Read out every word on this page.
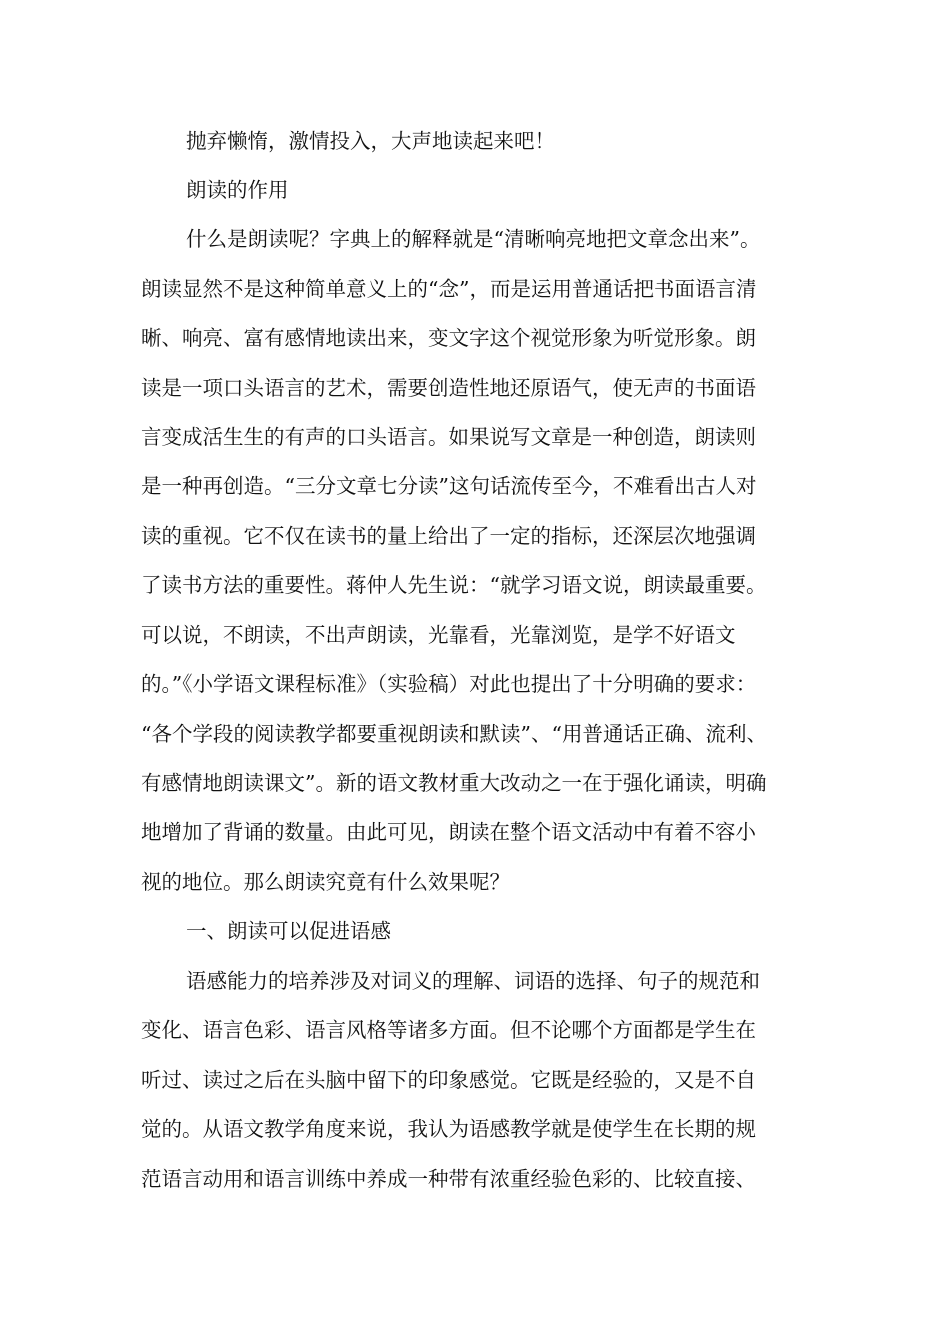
抛弃懒惰，激情投入，大声地读起来吧！
朗读的作用
什么是朗读呢？字典上的解释就是“清晰响亮地把文章念出来”。
朗读显然不是这种简单意义上的“念”，而是运用普通话把书面语言清
晰、响亮、富有感情地读出来，变文字这个视觉形象为听觉形象。朗
读是一项口头语言的艺术，需要创造性地还原语气，使无声的书面语
言变成活生生的有声的口头语言。如果说写文章是一种创造，朗读则
是一种再创造。“三分文章七分读”这句话流传至今，不难看出古人对
读的重视。它不仅在读书的量上给出了一定的指标，还深层次地强调
了读书方法的重要性。蒋仲人先生说：“就学习语文说，朗读最重要。
可以说，不朗读，不出声朗读，光靠看，光靠浏览，是学不好语文
的。”《小学语文课程标准》（实验稿）对此也提出了十分明确的要求：
“各个学段的阅读教学都要重视朗读和默读”、“用普通话正确、流利、
有感情地朗读课文”。新的语文教材重大改动之一在于强化诵读，明确
地增加了背诵的数量。由此可见，朗读在整个语文活动中有着不容小
视的地位。那么朗读究竟有什么效果呢？
一、朗读可以促进语感
语感能力的培养涉及对词义的理解、词语的选择、句子的规范和
变化、语言色彩、语言风格等诸多方面。但不论哪个方面都是学生在
听过、读过之后在头脑中留下的印象感觉。它既是经验的，又是不自
觉的。从语文教学角度来说，我认为语感教学就是使学生在长期的规
范语言动用和语言训练中养成一种带有浓重经验色彩的、比较直接、
